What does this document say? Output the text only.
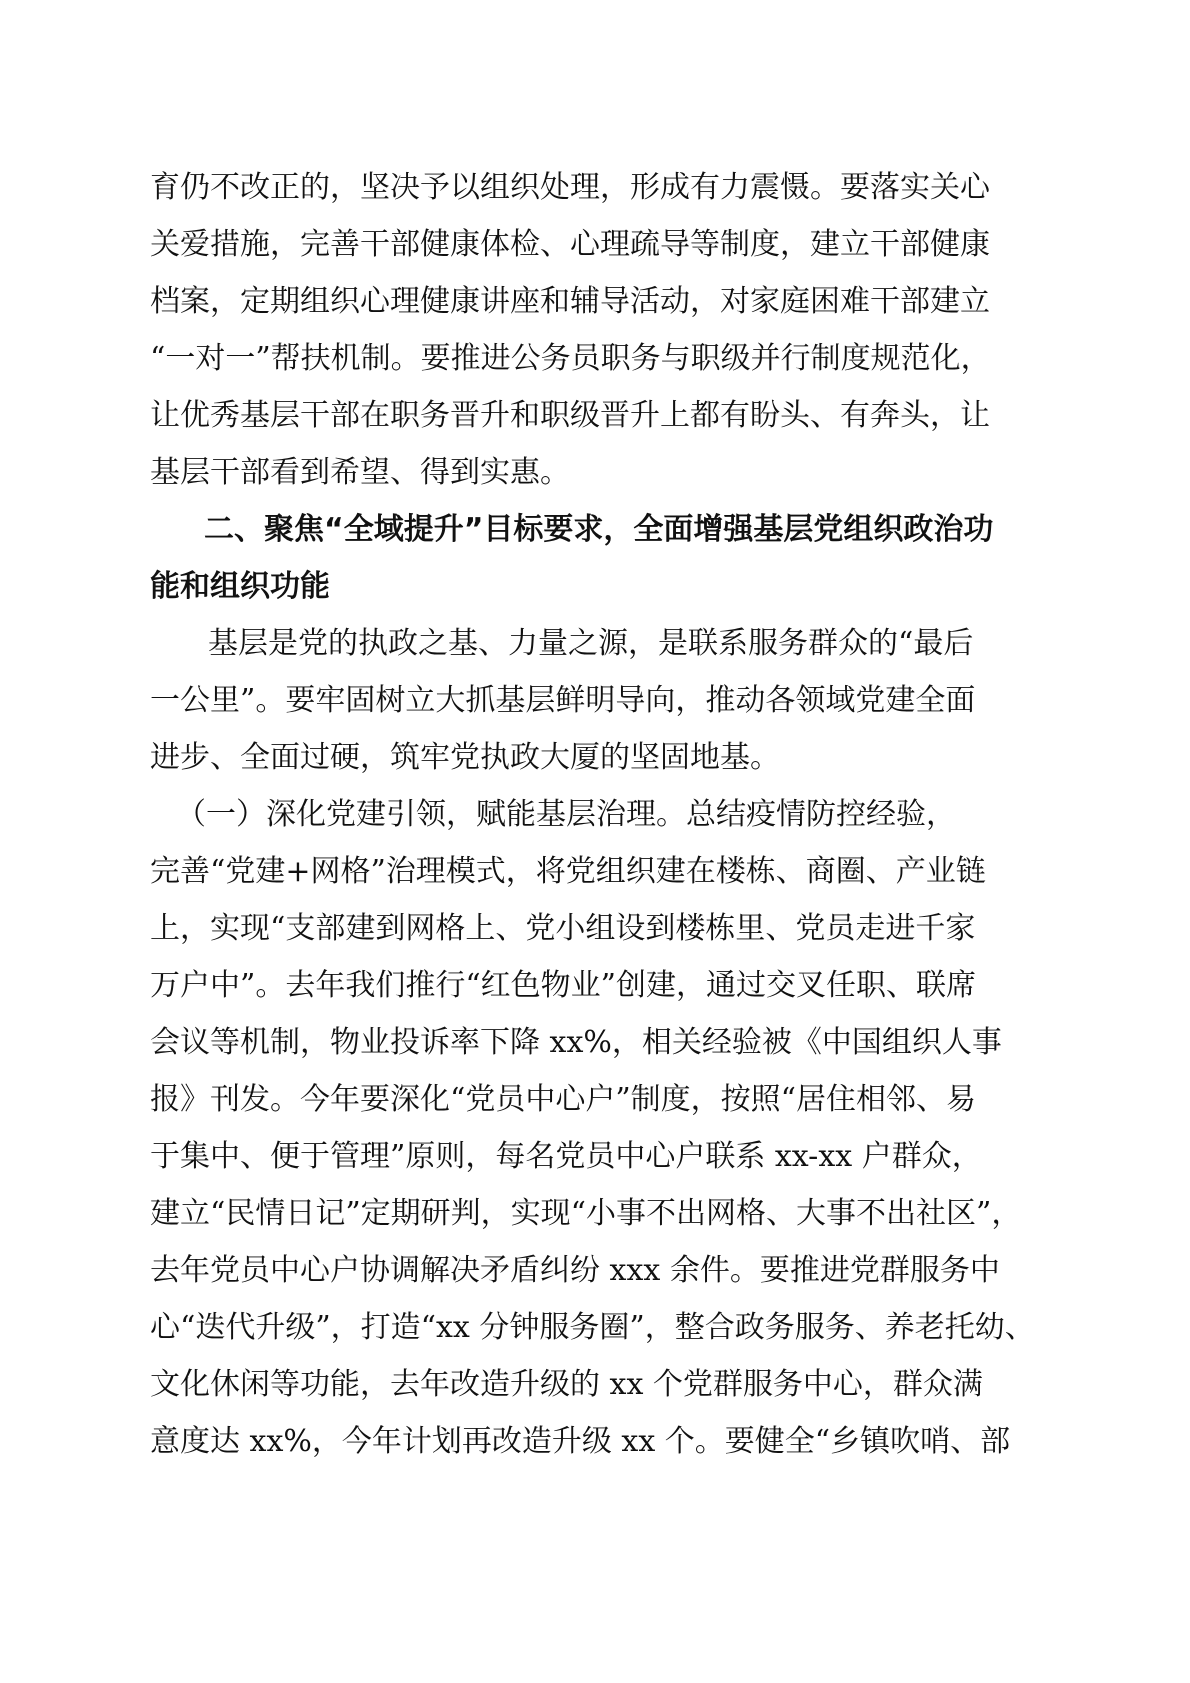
育仍不改正的，坚决予以组织处理，形成有力震慑。要落实关心
关爱措施，完善干部健康体检、心理疏导等制度，建立干部健康
档案，定期组织心理健康讲座和辅导活动，对家庭困难干部建立
“一对一”帮扶机制。要推进公务员职务与职级并行制度规范化，
让优秀基层干部在职务晋升和职级晋升上都有盼头、有奔头，让
基层干部看到希望、得到实惠。
二、聚焦“全域提升”目标要求，全面增强基层党组织政治功
能和组织功能
基层是党的执政之基、力量之源，是联系服务群众的“最后
一公里”。要牢固树立大抓基层鲜明导向，推动各领域党建全面
进步、全面过硬，筑牢党执政大厦的坚固地基。
（一）深化党建引领，赋能基层治理。总结疫情防控经验，
完善“党建+网格”治理模式，将党组织建在楼栋、商圈、产业链
上，实现“支部建到网格上、党小组设到楼栋里、党员走进千家
万户中”。去年我们推行“红色物业”创建，通过交叉任职、联席
会议等机制，物业投诉率下降 xx%，相关经验被《中国组织人事
报》刊发。今年要深化“党员中心户”制度，按照“居住相邻、易
于集中、便于管理”原则，每名党员中心户联系 xx-xx 户群众，
建立“民情日记”定期研判，实现“小事不出网格、大事不出社区”，
去年党员中心户协调解决矛盾纠纷 xxx 余件。要推进党群服务中
心“迭代升级”，打造“xx 分钟服务圈”，整合政务服务、养老托幼、
文化休闲等功能，去年改造升级的 xx 个党群服务中心，群众满
意度达 xx%，今年计划再改造升级 xx 个。要健全“乡镇吹哨、部
